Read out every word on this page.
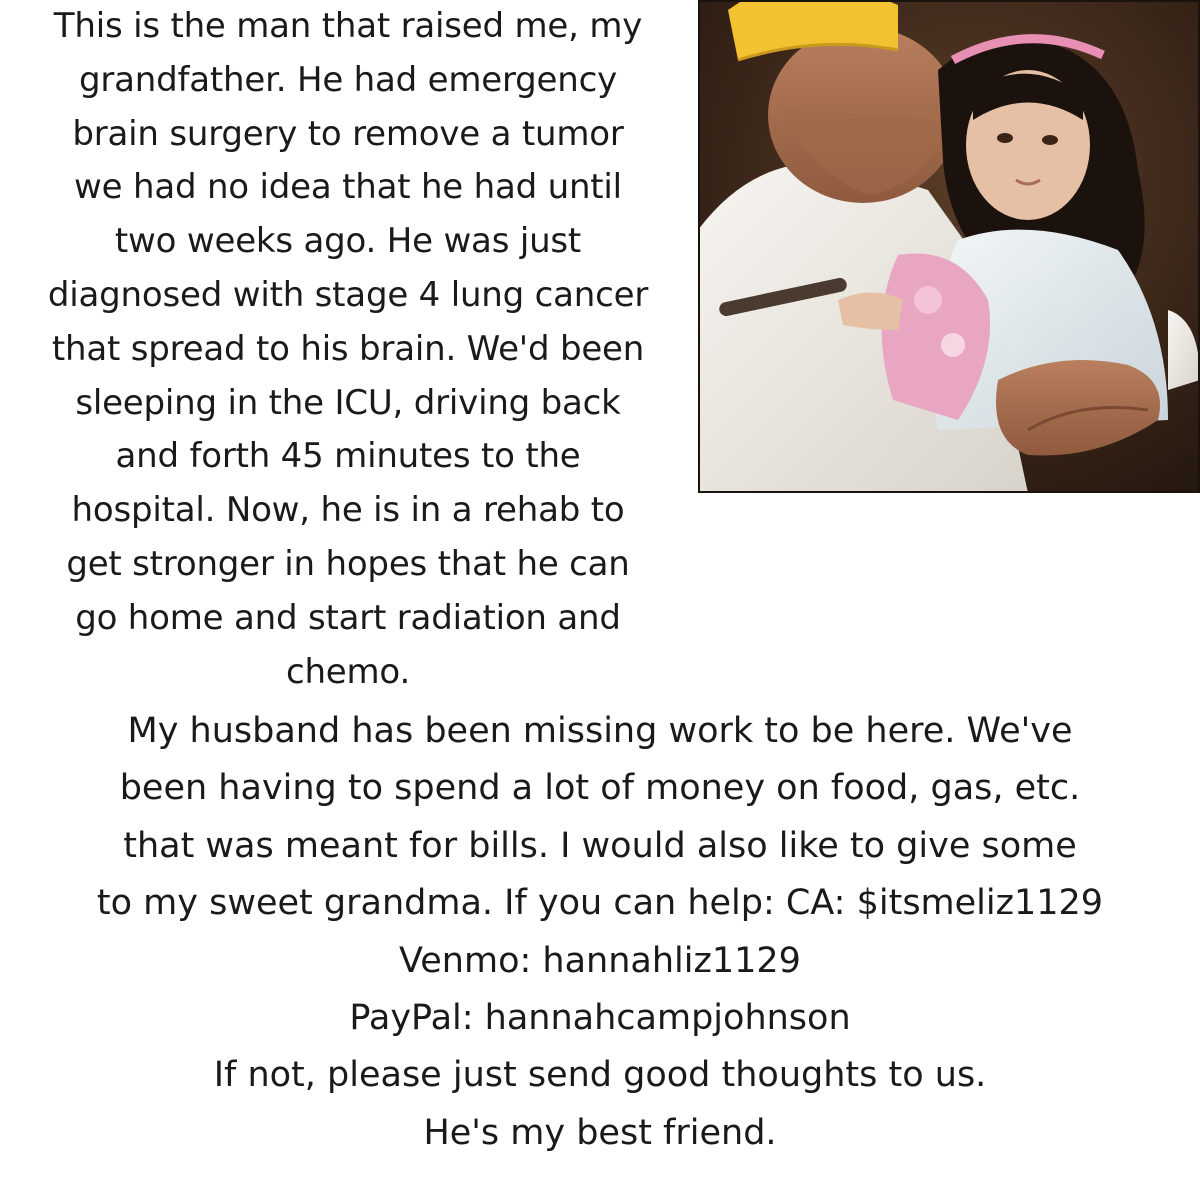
This is the man that raised me, my
grandfather. He had emergency
brain surgery to remove a tumor
we had no idea that he had until
two weeks ago. He was just
diagnosed with stage 4 lung cancer
that spread to his brain. We'd been
sleeping in the ICU, driving back
and forth 45 minutes to the
hospital. Now, he is in a rehab to
get stronger in hopes that he can
go home and start radiation and
chemo.
My husband has been missing work to be here. We've
been having to spend a lot of money on food, gas, etc.
that was meant for bills. I would also like to give some
to my sweet grandma. If you can help: CA: $itsmeliz1129
Venmo: hannahliz1129
PayPal: hannahcampjohnson
If not, please just send good thoughts to us.
He's my best friend.
